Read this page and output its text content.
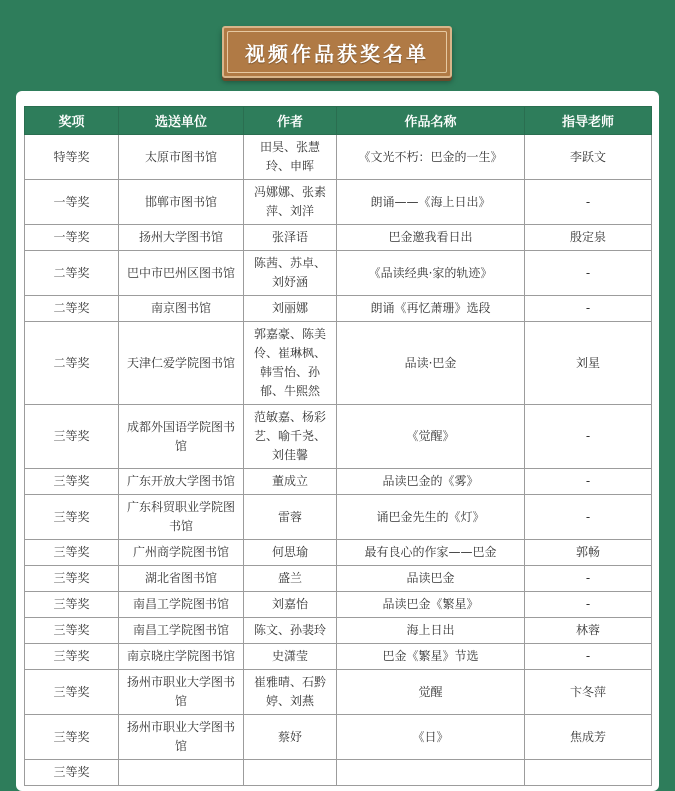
视频作品获奖名单
奖项	选送单位	作者	作品名称	指导老师
特等奖	太原市图书馆	田昊、张慧玲、申晖	《文光不朽：巴金的一生》	李跃文
一等奖	邯郸市图书馆	冯娜娜、张素萍、刘洋	朗诵——《海上日出》	-
一等奖	扬州大学图书馆	张泽语	巴金邀我看日出	殷定泉
二等奖	巴中市巴州区图书馆	陈茜、苏卓、刘妤涵	《品读经典·家的轨迹》	-
二等奖	南京图书馆	刘丽娜	朗诵《再忆萧珊》选段	-
二等奖	天津仁爱学院图书馆	郭嘉豪、陈美伶、崔琳枫、韩雪怡、孙郁、牛熙然	品读·巴金	刘星
三等奖	成都外国语学院图书馆	范敏嘉、杨彩艺、喻千尧、刘佳馨	《觉醒》	-
三等奖	广东开放大学图书馆	董成立	品读巴金的《雾》	-
三等奖	广东科贸职业学院图书馆	雷蓉	诵巴金先生的《灯》	-
三等奖	广州商学院图书馆	何思瑜	最有良心的作家——巴金	郭畅
三等奖	湖北省图书馆	盛兰	品读巴金	-
三等奖	南昌工学院图书馆	刘嘉怡	品读巴金《繁星》	-
三等奖	南昌工学院图书馆	陈文、孙裴玲	海上日出	林蓉
三等奖	南京晓庄学院图书馆	史潇莹	巴金《繁星》节选	-
三等奖	扬州市职业大学图书馆	崔雅晴、石黔婷、刘燕	觉醒	卞冬萍
三等奖	扬州市职业大学图书馆	蔡妤	《日》	焦成芳
三等奖				
